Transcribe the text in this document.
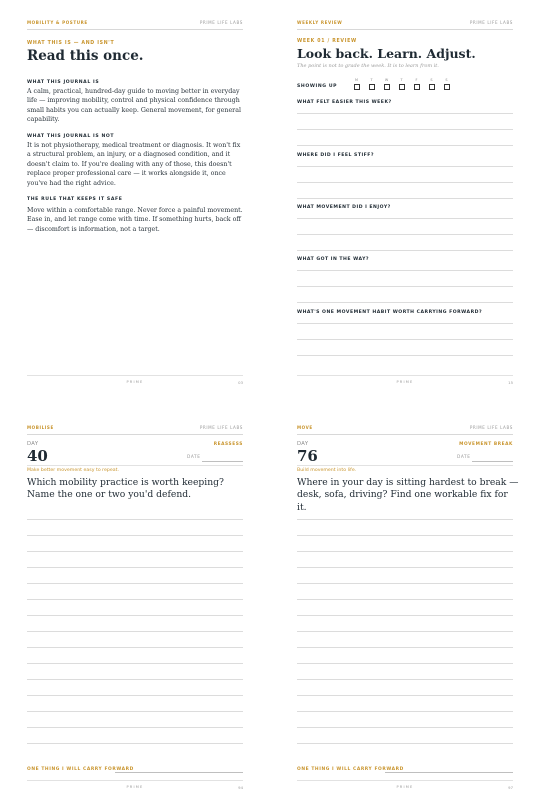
MOBILITY & POSTURE	PRIME LIFE LABS
WHAT THIS IS — AND ISN'T
Read this once.
WHAT THIS JOURNAL IS
A calm, practical, hundred-day guide to moving better in everyday life — improving mobility, control and physical confidence through small habits you can actually keep. General movement, for general capability.
WHAT THIS JOURNAL IS NOT
It is not physiotherapy, medical treatment or diagnosis. It won't fix a structural problem, an injury, or a diagnosed condition, and it doesn't claim to. If you're dealing with any of those, this doesn't replace proper professional care — it works alongside it, once you've had the right advice.
THE RULE THAT KEEPS IT SAFE
Move within a comfortable range. Never force a painful movement. Ease in, and let range come with time. If something hurts, back off — discomfort is information, not a target.
PRIME	03
WEEKLY REVIEW	PRIME LIFE LABS
WEEK 01 / REVIEW
Look back. Learn. Adjust.
The point is not to grade the week. It is to learn from it.
SHOWING UP
WHAT FELT EASIER THIS WEEK?
WHERE DID I FEEL STIFF?
WHAT MOVEMENT DID I ENJOY?
WHAT GOT IN THE WAY?
WHAT'S ONE MOVEMENT HABIT WORTH CARRYING FORWARD?
PRIME	15
M	T	W	T	F	S	S
MOBILISE	PRIME LIFE LABS
DAY
40
REASSESS
DATE
Make better movement easy to repeat.
Which mobility practice is worth keeping? Name the one or two you'd defend.
ONE THING I WILL CARRY FORWARD
PRIME	94
MOVE	PRIME LIFE LABS
DAY
76
MOVEMENT BREAK
DATE
Build movement into life.
Where in your day is sitting hardest to break — desk, sofa, driving? Find one workable fix for it.
ONE THING I WILL CARRY FORWARD
PRIME	97
